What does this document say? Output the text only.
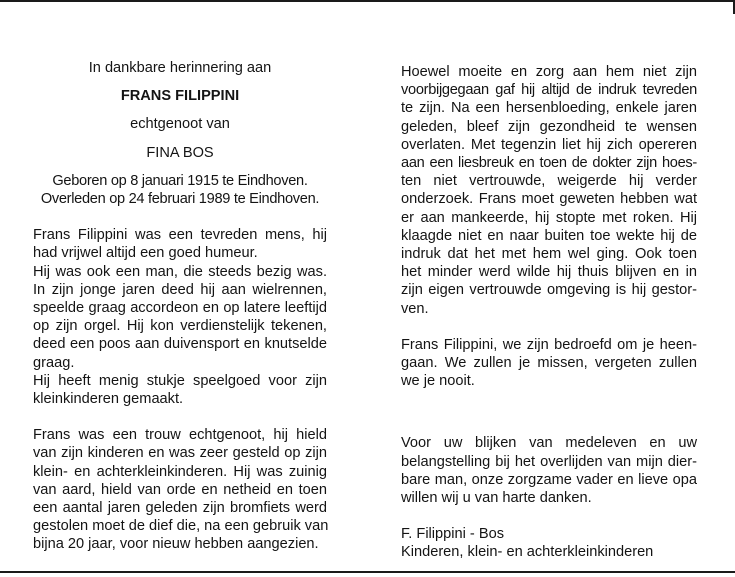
In dankbare herinnering aan
FRANS FILIPPINI
echtgenoot van
FINA BOS
Geboren op 8 januari 1915 te Eindhoven.
Overleden op 24 februari 1989 te Eindhoven.
Frans Filippini was een tevreden mens, hij
had vrijwel altijd een goed humeur.
Hij was ook een man, die steeds bezig was.
In zijn jonge jaren deed hij aan wielrennen,
speelde graag accordeon en op latere leeftijd
op zijn orgel. Hij kon verdienstelijk tekenen,
deed een poos aan duivensport en knutselde
graag.
Hij heeft menig stukje speelgoed voor zijn
kleinkinderen gemaakt.
Frans was een trouw echtgenoot, hij hield
van zijn kinderen en was zeer gesteld op zijn
klein- en achterkleinkinderen. Hij was zuinig
van aard, hield van orde en netheid en toen
een aantal jaren geleden zijn bromfiets werd
gestolen moet de dief die, na een gebruik van
bijna 20 jaar, voor nieuw hebben aangezien.
Hoewel moeite en zorg aan hem niet zijn
voorbijgegaan gaf hij altijd de indruk tevreden
te zijn. Na een hersenbloeding, enkele jaren
geleden, bleef zijn gezondheid te wensen
overlaten. Met tegenzin liet hij zich opereren
aan een liesbreuk en toen de dokter zijn hoes-
ten niet vertrouwde, weigerde hij verder
onderzoek. Frans moet geweten hebben wat
er aan mankeerde, hij stopte met roken. Hij
klaagde niet en naar buiten toe wekte hij de
indruk dat het met hem wel ging. Ook toen
het minder werd wilde hij thuis blijven en in
zijn eigen vertrouwde omgeving is hij gestor-
ven.
Frans Filippini, we zijn bedroefd om je heen-
gaan. We zullen je missen, vergeten zullen
we je nooit.
Voor uw blijken van medeleven en uw
belangstelling bij het overlijden van mijn dier-
bare man, onze zorgzame vader en lieve opa
willen wij u van harte danken.
F. Filippini - Bos
Kinderen, klein- en achterkleinkinderen
